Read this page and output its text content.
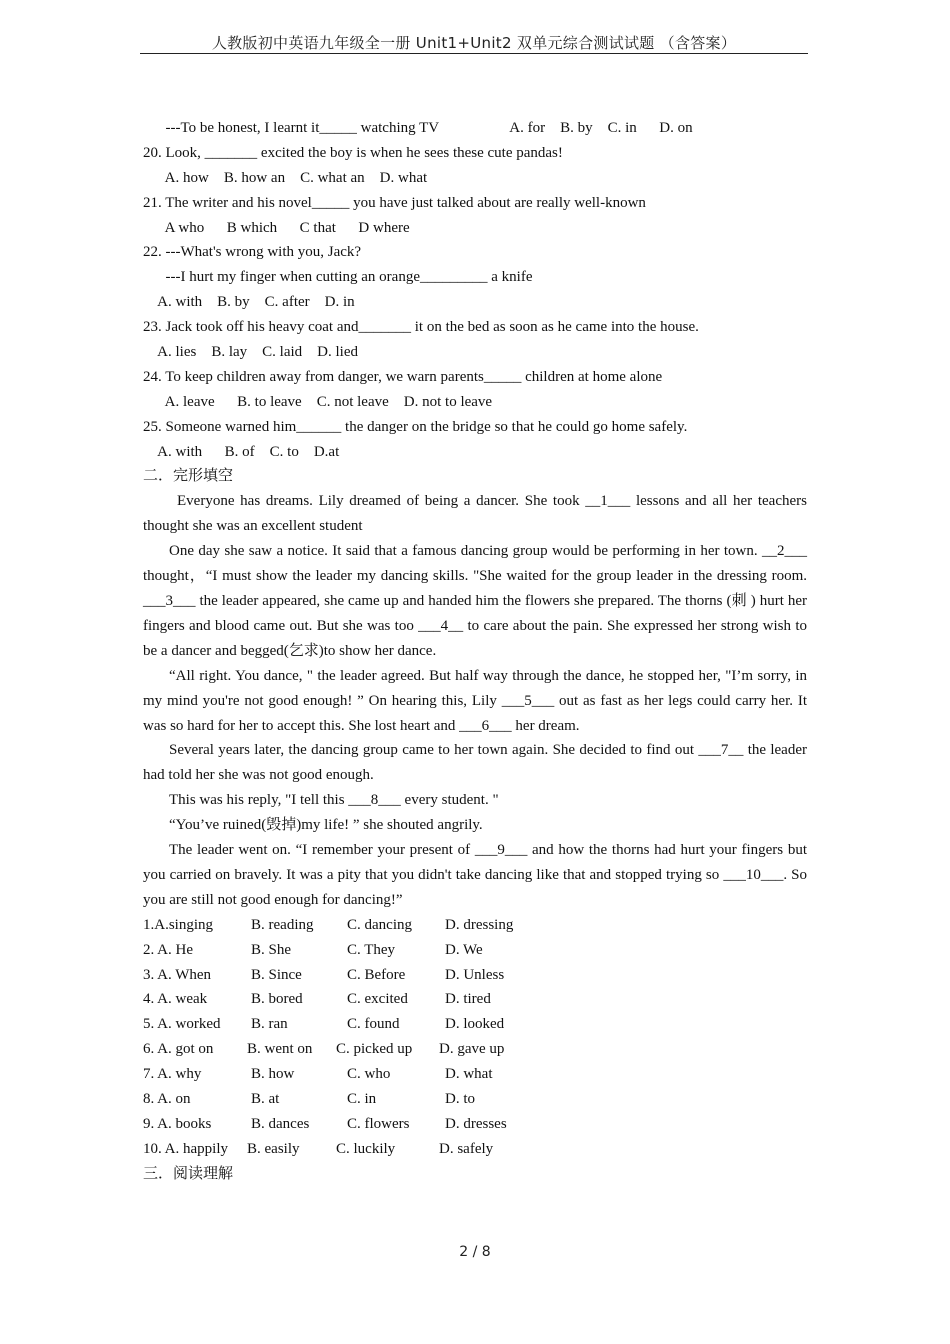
人教版初中英语九年级全一册 Unit1+Unit2 双单元综合测试试题 （含答案）
---To be honest, I learnt it_____ watching TV                   A. for    B. by    C. in      D. on
20. Look, _______ excited the boy is when he sees these cute pandas!
A. how    B. how an    C. what an    D. what
21. The writer and his novel_____ you have just talked about are really well-known
A who      B which      C that      D where
22. ---What's wrong with you, Jack?
---I hurt my finger when cutting an orange_________ a knife
A. with    B. by    C. after    D. in
23. Jack took off his heavy coat and_______ it on the bed as soon as he came into the house.
A. lies    B. lay    C. laid    D. lied
24. To keep children away from danger, we warn parents_____ children at home alone
A. leave      B. to leave    C. not leave    D. not to leave
25. Someone warned him______ the danger on the bridge so that he could go home safely.
A. with      B. of    C. to    D.at
二．完形填空
Everyone has dreams. Lily dreamed of being a dancer. She took __1___ lessons and all her teachers thought she was an excellent student
One day she saw a notice. It said that a famous dancing group would be performing in her town. __2___ thought，“I must show the leader my dancing skills. "She waited for the group leader in the dressing room. ___3___ the leader appeared, she came up and handed him the flowers she prepared. The thorns (刺 ) hurt her fingers and blood came out. But she was too ___4__ to care about the pain. She expressed her strong wish to be a dancer and begged(乞求)to show her dance.
“All right. You dance, " the leader agreed. But half way through the dance, he stopped her, "I’m sorry, in my mind you're not good enough! ” On hearing this, Lily ___5___ out as fast as her legs could carry her. It was so hard for her to accept this. She lost heart and ___6___ her dream.
Several years later, the dancing group came to her town again. She decided to find out ___7__ the leader had told her she was not good enough.
This was his reply, "I tell this ___8___ every student. "
“You’ve ruined(毁掉)my life! ” she shouted angrily.
The leader went on. “I remember your present of ___9___ and how the thorns had hurt your fingers but you carried on bravely. It was a pity that you didn't take dancing like that and stopped trying so ___10___. So you are still not good enough for dancing!”
1.A.singing	B. reading C. dancing D. dressing
2. A. He	B. She	C. They	D. We
3. A. When	B. Since	C. Before	D. Unless
4. A. weak	B. bored	C. excited D. tired
5. A. worked B. ran	C. found	D. looked
6. A. got on B. went on C. picked up D. gave up
7. A. why	B. how	C. who	D. what
8. A. on	B. at	C. in	D. to
9. A. books	B. dances	C. flowers D. dresses
10. A. happily B. easily C. luckily	D. safely
三．阅读理解
2 / 8
